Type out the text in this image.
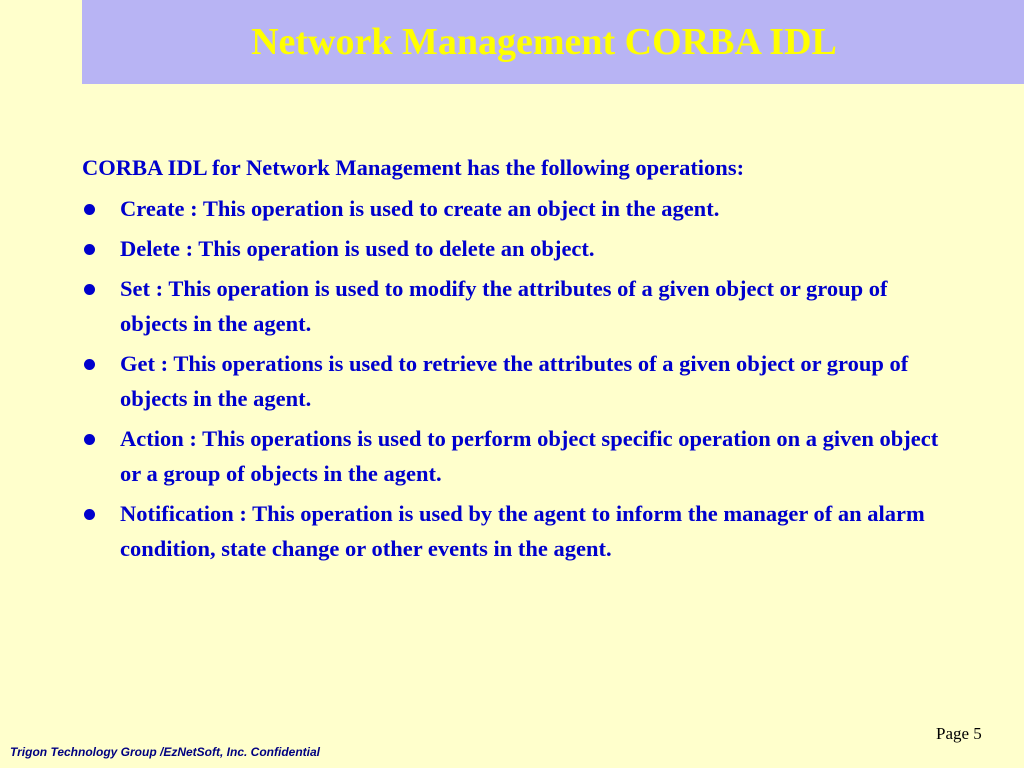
Network Management CORBA IDL

CORBA IDL for Network Management has the following operations:

Create : This operation is used to create an object in the agent.
Delete : This operation is used to delete an object.
Set : This operation is used to modify the attributes of a given object or group of objects in the agent.
Get : This operations is used to retrieve the attributes of a given object or group of objects in the agent.
Action : This operations is used to perform object specific operation on a given object or a group of objects in the agent.
Notification : This operation is used by the agent to inform the manager of an alarm condition, state change or other events in the agent.
Page 5
Trigon Technology Group /EzNetSoft, Inc. Confidential
